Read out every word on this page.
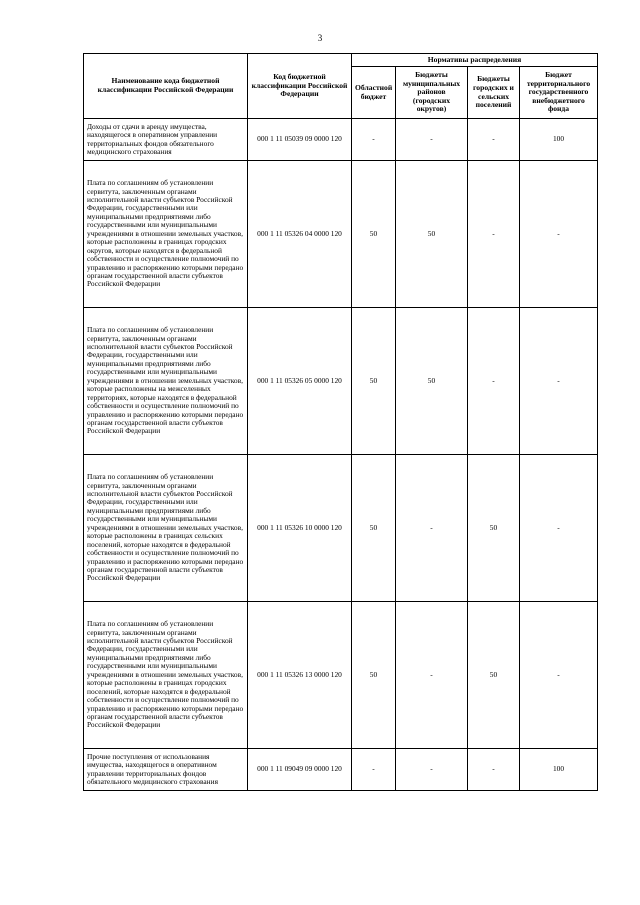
3
Наименование кода бюджетной классификации Российской Федерации	Код бюджетной классификации Российской Федерации	Нормативы распределения			
		Областной бюджет	Бюджеты муниципальных районов (городских округов)	Бюджеты городских и сельских поселений	Бюджет территориального государственного внебюджетного фонда
Доходы от сдачи в аренду имущества, находящегося в оперативном управлении территориальных фондов обязательного медицинского страхования	000 1 11 05039 09 0000 120	-	-	-	100
Плата по соглашениям об установлении сервитута, заключенным органами исполнительной власти субъектов Российской Федерации, государственными или муниципальными предприятиями либо государственными или муниципальными учреждениями в отношении земельных участков, которые расположены в границах городских округов, которые находятся в федеральной собственности и осуществление полномочий по управлению и распоряжению которыми передано органам государственной власти субъектов Российской Федерации	000 1 11 05326 04 0000 120	50	50	-	-
Плата по соглашениям об установлении сервитута, заключенным органами исполнительной власти субъектов Российской Федерации, государственными или муниципальными предприятиями либо государственными или муниципальными учреждениями в отношении земельных участков, которые расположены на межселенных территориях, которые находятся в федеральной собственности и осуществление полномочий по управлению и распоряжению которыми передано органам государственной власти субъектов Российской Федерации	000 1 11 05326 05 0000 120	50	50	-	-
Плата по соглашениям об установлении сервитута, заключенным органами исполнительной власти субъектов Российской Федерации, государственными или муниципальными предприятиями либо государственными или муниципальными учреждениями в отношении земельных участков, которые расположены в границах сельских поселений, которые находятся в федеральной собственности и осуществление полномочий по управлению и распоряжению которыми передано органам государственной власти субъектов Российской Федерации	000 1 11 05326 10 0000 120	50	-	50	-
Плата по соглашениям об установлении сервитута, заключенным органами исполнительной власти субъектов Российской Федерации, государственными или муниципальными предприятиями либо государственными или муниципальными учреждениями в отношении земельных участков, которые расположены в границах городских поселений, которые находятся в федеральной собственности и осуществление полномочий по управлению и распоряжению которыми передано органам государственной власти субъектов Российской Федерации	000 1 11 05326 13 0000 120	50	-	50	-
Прочие поступления от использования имущества, находящегося в оперативном управлении территориальных фондов обязательного медицинского страхования	000 1 11 09049 09 0000 120	-	-	-	100
